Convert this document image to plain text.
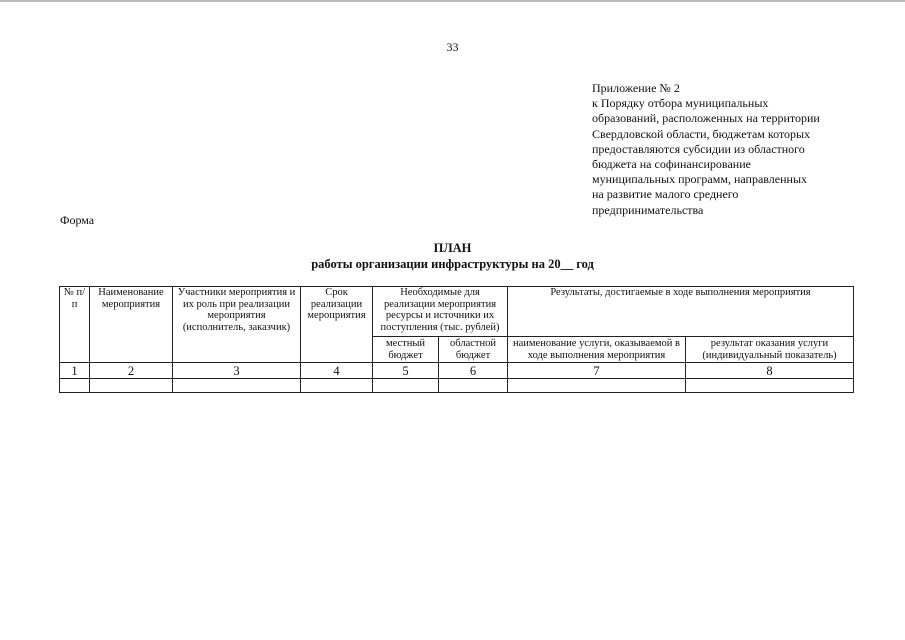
33
Приложение № 2
к Порядку отбора муниципальных
образований, расположенных на территории
Свердловской области, бюджетам которых
предоставляются субсидии из областного
бюджета на софинансирование
муниципальных программ, направленных
на развитие малого среднего
предпринимательства
Форма
ПЛАН
работы организации инфраструктуры на 20__ год
№ п/п	Наименование мероприятия	Участники мероприятия и их роль при реализации мероприятия (исполнитель, заказчик)	Срок реализации мероприятия	Необходимые для реализации мероприятия ресурсы и источники их поступления (тыс. рублей)		Результаты, достигаемые в ходе выполнения мероприятия	
				местный бюджет	областной бюджет	наименование услуги, оказываемой в ходе выполнения мероприятия	результат оказания услуги (индивидуальный показатель)
1	2	3	4	5	6	7	8
